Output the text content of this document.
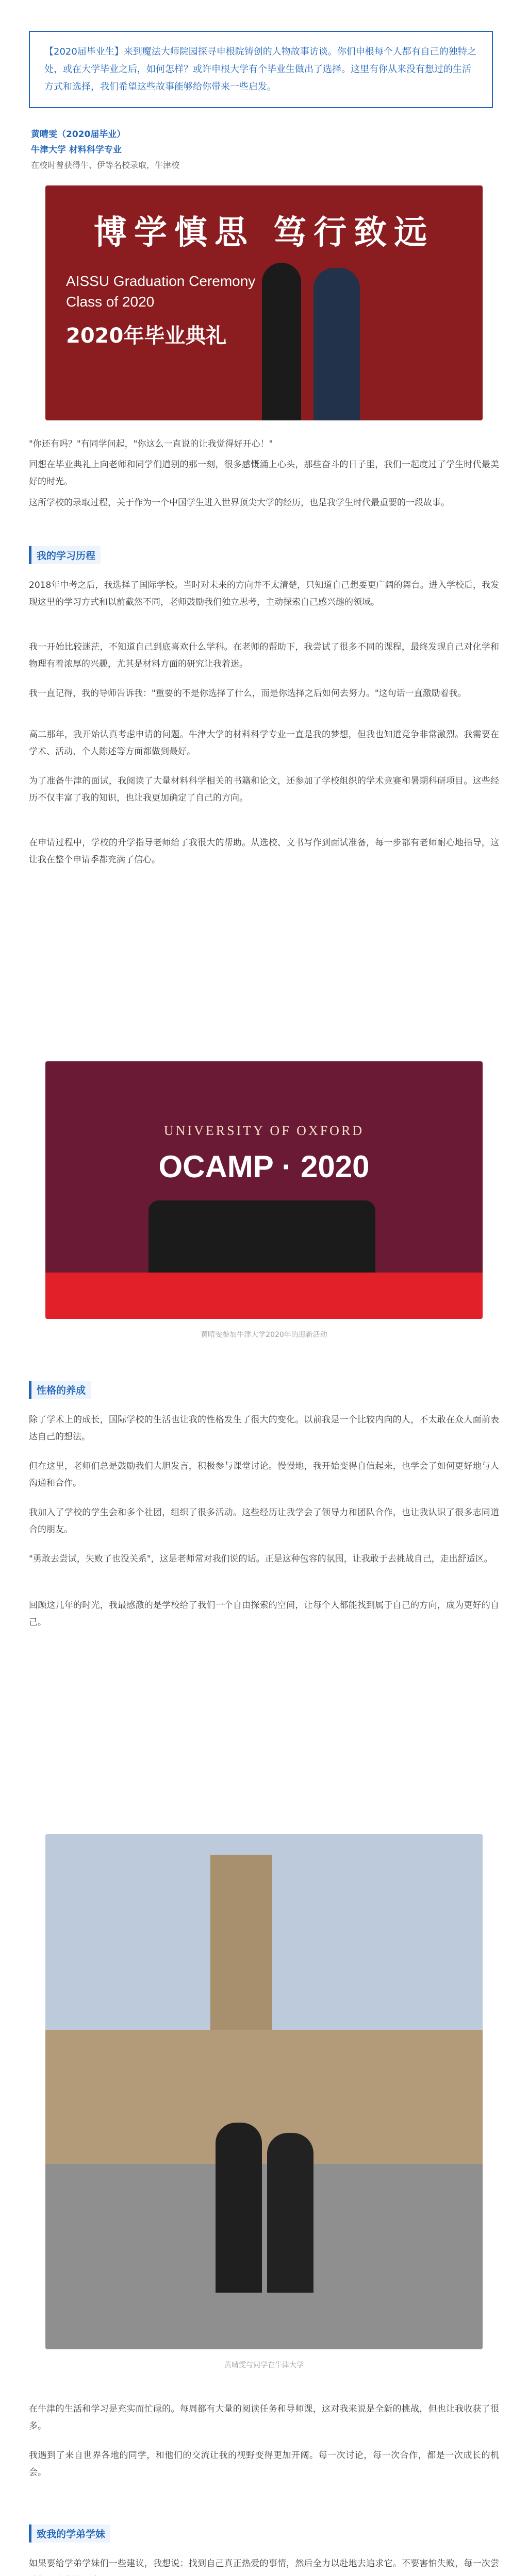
【2020届毕业生】来到魔法大师院园探寻申根院铸创的人物故事访谈。你们申根每个人都有自己的独特之处，或在大学毕业之后，如何怎样？或许申根大学有个毕业生做出了选择。这里有你从来没有想过的生活方式和选择，我们希望这些故事能够给你带来一些启发。

黄晴雯（2020届毕业）
牛津大学 材料科学专业
在校时曾获得牛、伊等名校录取，牛津校
博学慎思 笃行致远
AISSU Graduation Ceremony
Class of 2020
2020年毕业典礼

"你还有吗？"有同学问起，"你这么一直说的让我觉得好开心！"

回想在毕业典礼上向老师和同学们道别的那一刻，很多感慨涌上心头，那些奋斗的日子里，我们一起度过了学生时代最美好的时光。

这所学校的录取过程，关于作为一个中国学生进入世界顶尖大学的经历，也是我学生时代最重要的一段故事。

我的学习历程

2018年中考之后，我选择了国际学校。当时对未来的方向并不太清楚，只知道自己想要更广阔的舞台。进入学校后，我发现这里的学习方式和以前截然不同，老师鼓励我们独立思考，主动探索自己感兴趣的领域。

我一开始比较迷茫，不知道自己到底喜欢什么学科。在老师的帮助下，我尝试了很多不同的课程，最终发现自己对化学和物理有着浓厚的兴趣，尤其是材料方面的研究让我着迷。

我一直记得，我的导师告诉我："重要的不是你选择了什么，而是你选择之后如何去努力。"这句话一直激励着我。

高二那年，我开始认真考虑申请的问题。牛津大学的材料科学专业一直是我的梦想，但我也知道竞争非常激烈。我需要在学术、活动、个人陈述等方面都做到最好。

为了准备牛津的面试，我阅读了大量材料科学相关的书籍和论文，还参加了学校组织的学术竞赛和暑期科研项目。这些经历不仅丰富了我的知识，也让我更加确定了自己的方向。

在申请过程中，学校的升学指导老师给了我很大的帮助。从选校、文书写作到面试准备，每一步都有老师耐心地指导，这让我在整个申请季都充满了信心。

UNIVERSITY OF OXFORD
OCAMP · 2020
黄晴雯参加牛津大学2020年的迎新活动
性格的养成

除了学术上的成长，国际学校的生活也让我的性格发生了很大的变化。以前我是一个比较内向的人，不太敢在众人面前表达自己的想法。

但在这里，老师们总是鼓励我们大胆发言，积极参与课堂讨论。慢慢地，我开始变得自信起来，也学会了如何更好地与人沟通和合作。

我加入了学校的学生会和多个社团，组织了很多活动。这些经历让我学会了领导力和团队合作，也让我认识了很多志同道合的朋友。

"勇敢去尝试，失败了也没关系"，这是老师常对我们说的话。正是这种包容的氛围，让我敢于去挑战自己，走出舒适区。

回顾这几年的时光，我最感激的是学校给了我们一个自由探索的空间，让每个人都能找到属于自己的方向，成为更好的自己。

黄晴雯与同学在牛津大学

在牛津的生活和学习是充实而忙碌的。每周都有大量的阅读任务和导师课，这对我来说是全新的挑战，但也让我收获了很多。

我遇到了来自世界各地的同学，和他们的交流让我的视野变得更加开阔。每一次讨论，每一次合作，都是一次成长的机会。

致我的学弟学妹

如果要给学弟学妹们一些建议，我想说：找到自己真正热爱的事情，然后全力以赴地去追求它。不要害怕失败，每一次尝
